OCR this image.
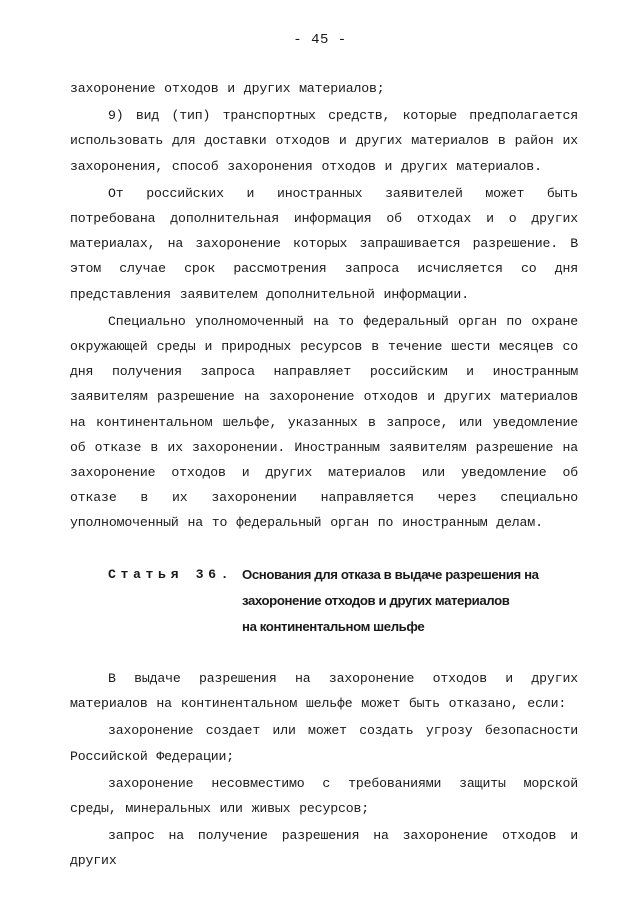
- 45 -

захоронение отходов и других материалов;

9) вид (тип) транспортных средств, которые предполагается использовать для доставки отходов и других материалов в район их захоронения, способ захоронения отходов и других материалов.

От российских и иностранных заявителей может быть потребована дополнительная информация об отходах и о других материалах, на захоронение которых запрашивается разрешение. В этом случае срок рассмотрения запроса исчисляется со дня представления заявителем дополнительной информации.

Специально уполномоченный на то федеральный орган по охране окружающей среды и природных ресурсов в течение шести месяцев со дня получения запроса направляет российским и иностранным заявителям разрешение на захоронение отходов и других материалов на континентальном шельфе, указанных в запросе, или уведомление об отказе в их захоронении. Иностранным заявителям разрешение на захоронение отходов и других материалов или уведомление об отказе в их захоронении направляется через специально уполномоченный на то федеральный орган по иностранным делам.

Статья 36. Основания для отказа в выдаче разрешения на
захоронение отходов и других материалов
на континентальном шельфе

В выдаче разрешения на захоронение отходов и других материалов на континентальном шельфе может быть отказано, если:

захоронение создает или может создать угрозу безопасности Российской Федерации;

захоронение несовместимо с требованиями защиты морской среды, минеральных или живых ресурсов;

запрос на получение разрешения на захоронение отходов и других
